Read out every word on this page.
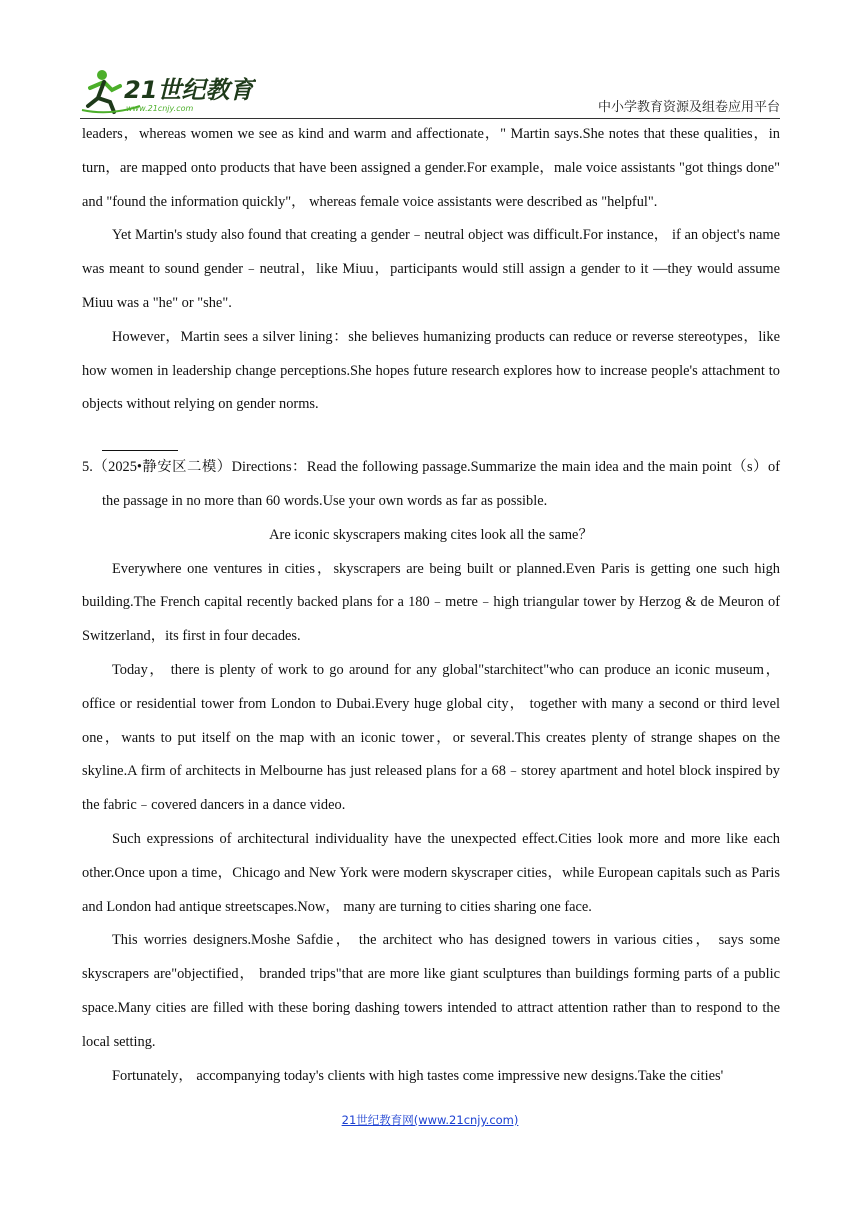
21世纪教育
www.21cnjy.com	中小学教育资源及组卷应用平台

leaders，whereas women we see as kind and warm and affectionate，" Martin says.She notes that these qualities，in turn，are mapped onto products that have been assigned a gender.For example，male voice assistants "got things done" and "found the information quickly"， whereas female voice assistants were described as "helpful".

Yet Martin's study also found that creating a gender﹣neutral object was difficult.For instance， if an object's name was meant to sound gender﹣neutral，like Miuu，participants would still assign a gender to it —they would assume Miuu was a "he" or "she".

However，Martin sees a silver lining：she believes humanizing products can reduce or reverse stereotypes，like how women in leadership change perceptions.She hopes future research explores how to increase people's attachment to objects without relying on gender norms.

5.（2025•静安区二模）Directions：Read the following passage.Summarize the main idea and the main point（s）of the passage in no more than 60 words.Use your own words as far as possible.

Are iconic skyscrapers making cites look all the same？

Everywhere one ventures in cities，skyscrapers are being built or planned.Even Paris is getting one such high building.The French capital recently backed plans for a 180﹣metre﹣high triangular tower by Herzog & de Meuron of Switzerland，its first in four decades.

Today， there is plenty of work to go around for any global"starchitect"who can produce an iconic museum，office or residential tower from London to Dubai.Every huge global city， together with many a second or third level one，wants to put itself on the map with an iconic tower，or several.This creates plenty of strange shapes on the skyline.A firm of architects in Melbourne has just released plans for a 68﹣storey apartment and hotel block inspired by the fabric﹣covered dancers in a dance video.

Such expressions of architectural individuality have the unexpected effect.Cities look more and more like each other.Once upon a time，Chicago and New York were modern skyscraper cities，while European capitals such as Paris and London had antique streetscapes.Now， many are turning to cities sharing one face.

This worries designers.Moshe Safdie， the architect who has designed towers in various cities， says some skyscrapers are"objectified， branded trips"that are more like giant sculptures than buildings forming parts of a public space.Many cities are filled with these boring dashing towers intended to attract attention rather than to respond to the local setting.

Fortunately， accompanying today's clients with high tastes come impressive new designs.Take the cities'

21世纪教育网(www.21cnjy.com)
